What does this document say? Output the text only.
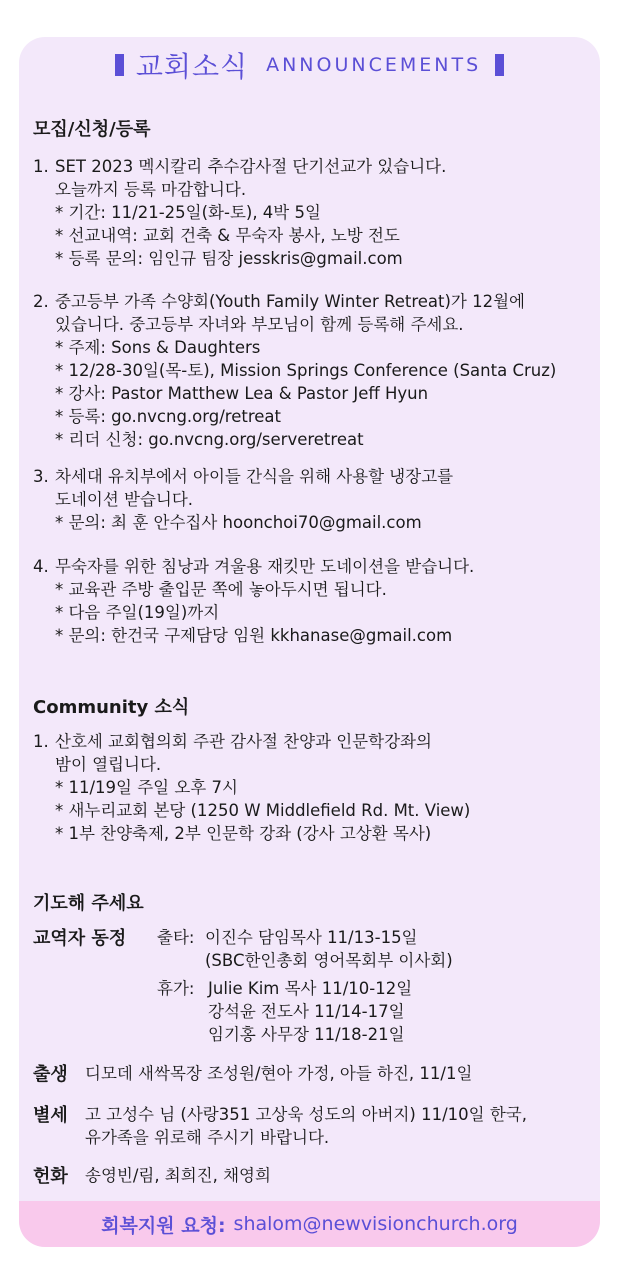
교회소식 ANNOUNCEMENTS
모집/신청/등록
1. SET 2023 멕시칼리 추수감사절 단기선교가 있습니다.
오늘까지 등록 마감합니다.
* 기간: 11/21-25일(화-토), 4박 5일
* 선교내역: 교회 건축 & 무숙자 봉사, 노방 전도
* 등록 문의: 임인규 팀장 jesskris@gmail.com
2. 중고등부 가족 수양회(Youth Family Winter Retreat)가 12월에
있습니다. 중고등부 자녀와 부모님이 함께 등록해 주세요.
* 주제: Sons & Daughters
* 12/28-30일(목-토), Mission Springs Conference (Santa Cruz)
* 강사: Pastor Matthew Lea & Pastor Jeff Hyun
* 등록: go.nvcng.org/retreat
* 리더 신청: go.nvcng.org/serveretreat
3. 차세대 유치부에서 아이들 간식을 위해 사용할 냉장고를
도네이션 받습니다.
* 문의: 최 훈 안수집사 hoonchoi70@gmail.com
4. 무숙자를 위한 침낭과 겨울용 재킷만 도네이션을 받습니다.
* 교육관 주방 출입문 쪽에 놓아두시면 됩니다.
* 다음 주일(19일)까지
* 문의: 한건국 구제담당 임원 kkhanase@gmail.com
Community 소식
1. 산호세 교회협의회 주관 감사절 찬양과 인문학강좌의
밤이 열립니다.
* 11/19일 주일 오후 7시
* 새누리교회 본당 (1250 W Middlefield Rd. Mt. View)
* 1부 찬양축제, 2부 인문학 강좌 (강사 고상환 목사)
기도해 주세요
교역자 동정 출타: 이진수 담임목사 11/13-15일
(SBC한인총회 영어목회부 이사회)
휴가: Julie Kim 목사 11/10-12일
강석윤 전도사 11/14-17일
임기홍 사무장 11/18-21일
출생 디모데 새싹목장 조성원/현아 가정, 아들 하진, 11/1일
별세 고 고성수 님 (사랑351 고상욱 성도의 아버지) 11/10일 한국,
유가족을 위로해 주시기 바랍니다.
헌화 송영빈/림, 최희진, 채영희
회복지원 요청: shalom@newvisionchurch.org
